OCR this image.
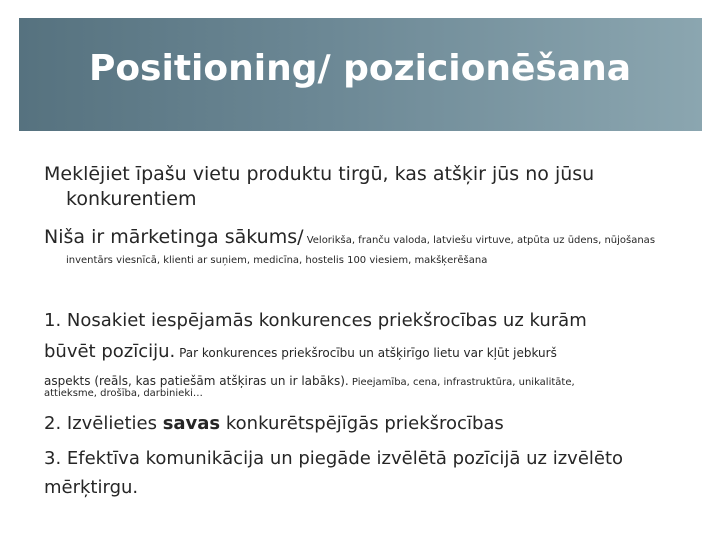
Positioning/ pozicionēšana

Meklējiet īpašu vietu produktu tirgū, kas atšķir jūs no jūsu

konkurentiem

Niša ir mārketinga sākums/ Velorikša, franču valoda, latviešu virtuve, atpūta uz ūdens, nūjošanas

inventārs viesnīcā, klienti ar suņiem, medicīna, hostelis 100 viesiem, makšķerēšana

1. Nosakiet iespējamās konkurences priekšrocības uz kurām

būvēt pozīciju. Par konkurences priekšrocību un atšķirīgo lietu var kļūt jebkurš

aspekts (reāls, kas patiešām atšķiras un ir labāks). Pieejamība, cena, infrastruktūra, unikalitāte,

attieksme, drošība, darbinieki…

2. Izvēlieties savas konkurētspējīgās priekšrocības

3. Efektīva komunikācija un piegāde izvēlētā pozīcijā uz izvēlēto

mērķtirgu.
